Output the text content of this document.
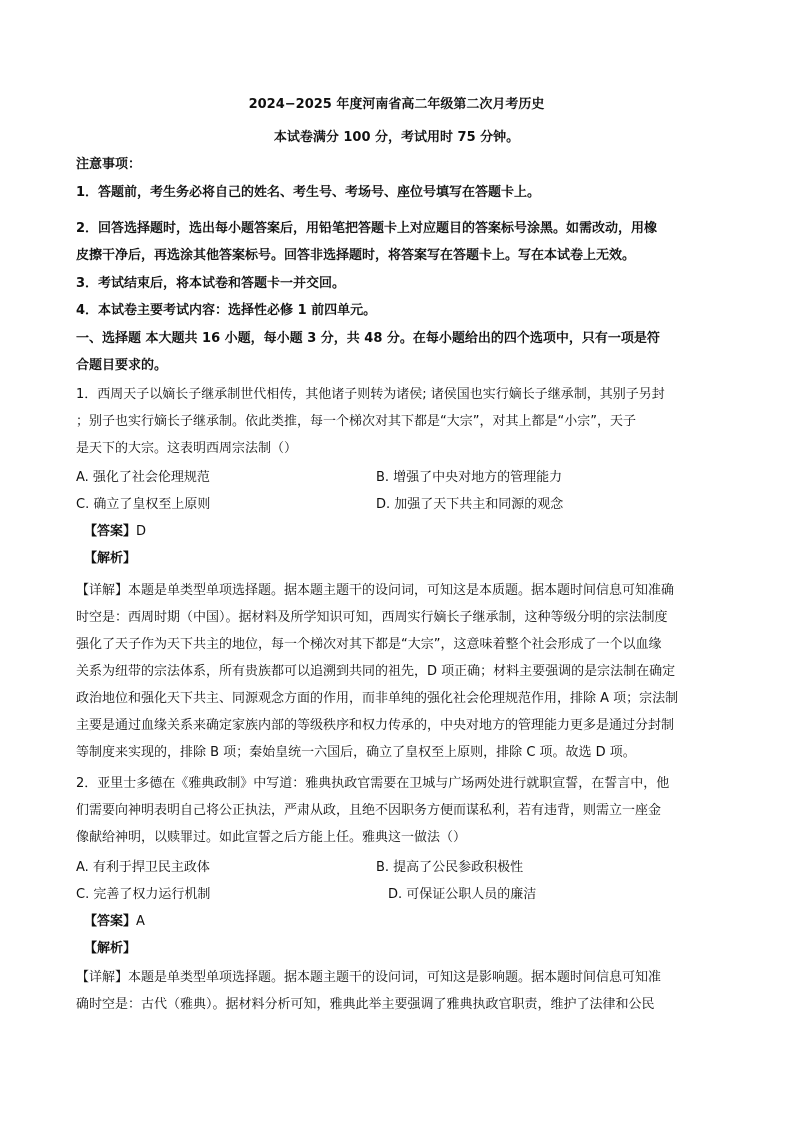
2024−2025 年度河南省高二年级第二次月考历史
本试卷满分 100 分，考试用时 75 分钟。
注意事项：
1．答题前，考生务必将自己的姓名、考生号、考场号、座位号填写在答题卡上。
2．回答选择题时，选出每小题答案后，用铅笔把答题卡上对应题目的答案标号涂黑。如需改动，用橡
皮擦干净后，再选涂其他答案标号。回答非选择题时，将答案写在答题卡上。写在本试卷上无效。
3．考试结束后，将本试卷和答题卡一并交回。
4．本试卷主要考试内容：选择性必修 1 前四单元。
一、选择题 本大题共 16 小题，每小题 3 分，共 48 分。在每小题给出的四个选项中，只有一项是符
合题目要求的。
1．西周天子以嫡长子继承制世代相传，其他诸子则转为诸侯; 诸侯国也实行嫡长子继承制，其别子另封
；别子也实行嫡长子继承制。依此类推，每一个梯次对其下都是“大宗”，对其上都是“小宗”，天子
是天下的大宗。这表明西周宗法制（）
A. 强化了社会伦理规范	B. 增强了中央对地方的管理能力
C. 确立了皇权至上原则	D. 加强了天下共主和同源的观念
【答案】D
【解析】
【详解】本题是单类型单项选择题。据本题主题干的设问词，可知这是本质题。据本题时间信息可知准确
时空是：西周时期（中国）。据材料及所学知识可知，西周实行嫡长子继承制，这种等级分明的宗法制度
强化了天子作为天下共主的地位，每一个梯次对其下都是“大宗”，这意味着整个社会形成了一个以血缘
关系为纽带的宗法体系，所有贵族都可以追溯到共同的祖先，D 项正确；材料主要强调的是宗法制在确定
政治地位和强化天下共主、同源观念方面的作用，而非单纯的强化社会伦理规范作用，排除 A 项；宗法制
主要是通过血缘关系来确定家族内部的等级秩序和权力传承的，中央对地方的管理能力更多是通过分封制
等制度来实现的，排除 B 项；秦始皇统一六国后，确立了皇权至上原则，排除 C 项。故选 D 项。
2．亚里士多德在《雅典政制》中写道：雅典执政官需要在卫城与广场两处进行就职宣誓，在誓言中，他
们需要向神明表明自己将公正执法，严肃从政，且绝不因职务方便而谋私利，若有违背，则需立一座金
像献给神明，以赎罪过。如此宣誓之后方能上任。雅典这一做法（）
A. 有利于捍卫民主政体	B. 提高了公民参政积极性
C. 完善了权力运行机制	D. 可保证公职人员的廉洁
【答案】A
【解析】
【详解】本题是单类型单项选择题。据本题主题干的设问词，可知这是影响题。据本题时间信息可知准
确时空是：古代（雅典）。据材料分析可知，雅典此举主要强调了雅典执政官职责，维护了法律和公民
